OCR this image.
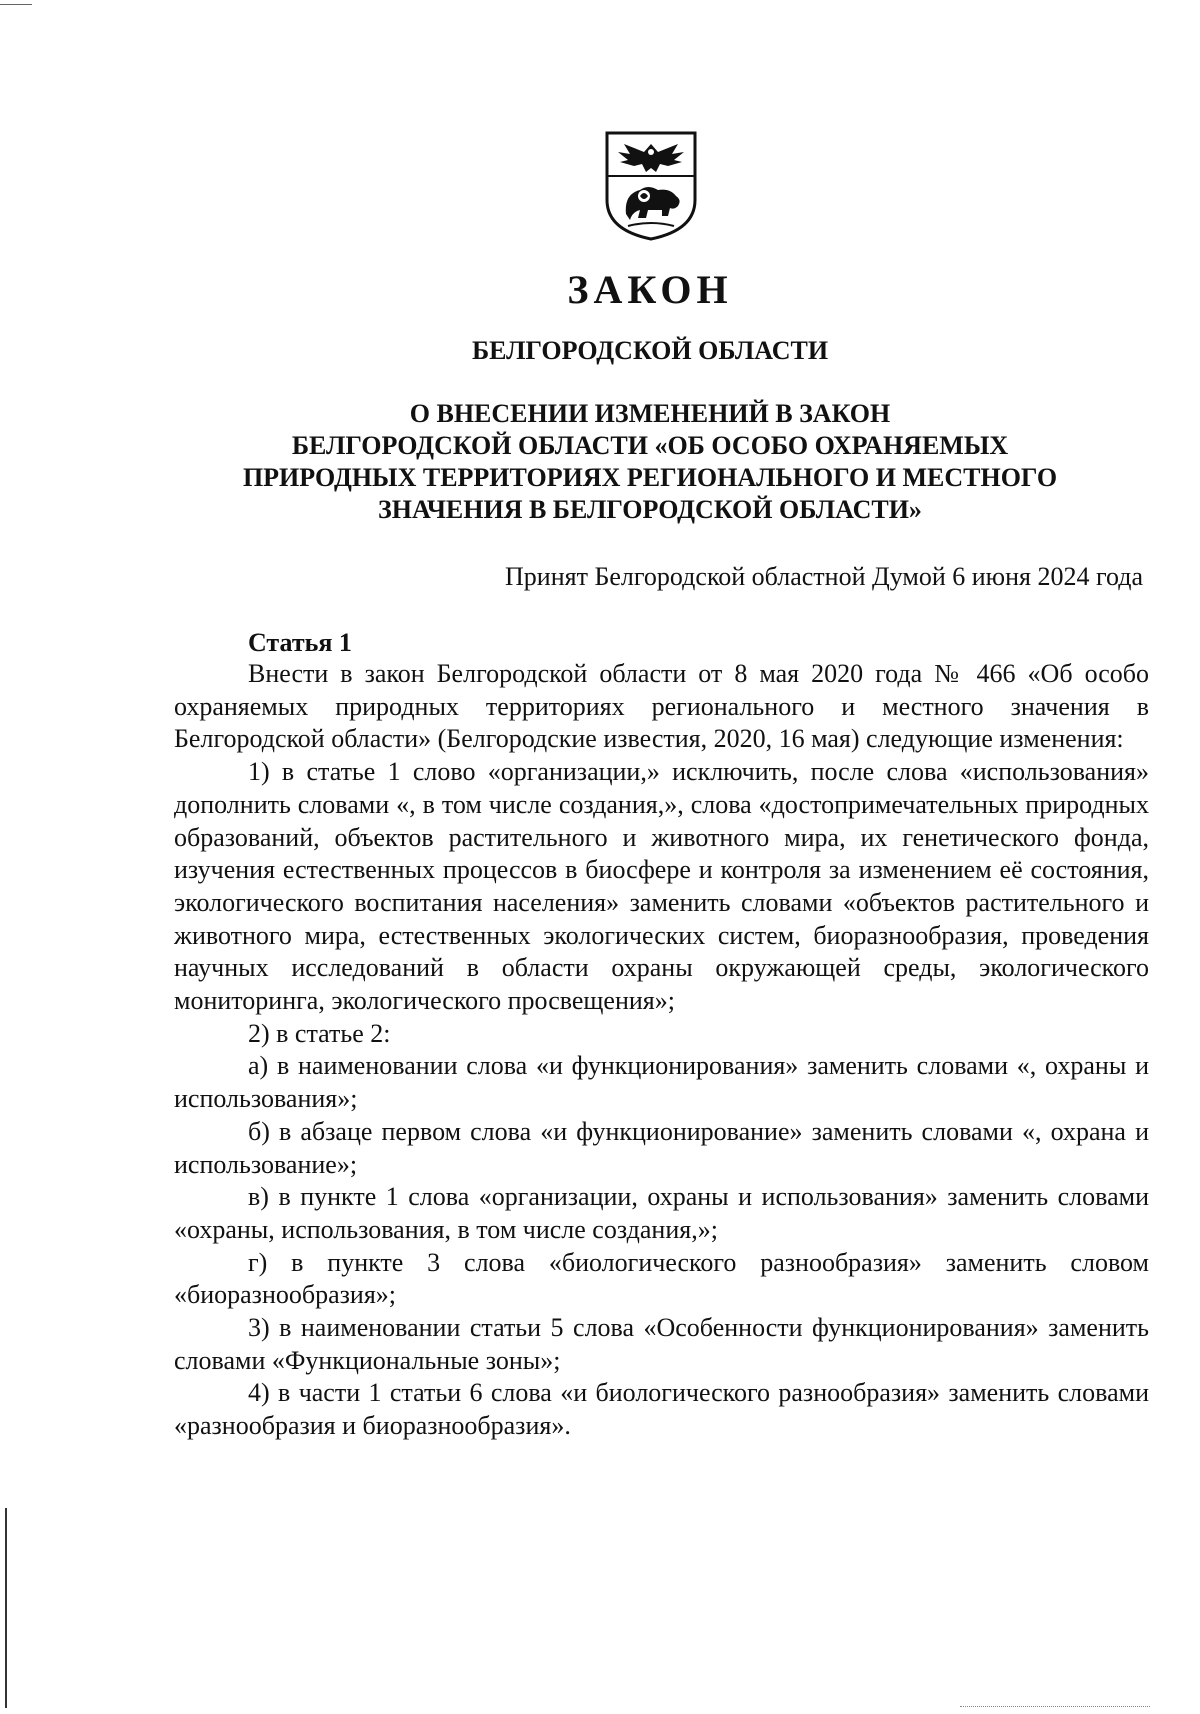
ЗАКОН
БЕЛГОРОДСКОЙ ОБЛАСТИ
О ВНЕСЕНИИ ИЗМЕНЕНИЙ В ЗАКОН
БЕЛГОРОДСКОЙ ОБЛАСТИ «ОБ ОСОБО ОХРАНЯЕМЫХ
ПРИРОДНЫХ ТЕРРИТОРИЯХ РЕГИОНАЛЬНОГО И МЕСТНОГО
ЗНАЧЕНИЯ В БЕЛГОРОДСКОЙ ОБЛАСТИ»

Принят Белгородской областной Думой 6 июня 2024 года

Статья 1

Внести в закон Белгородской области от 8 мая 2020 года № 466 «Об особо охраняемых природных территориях регионального и местного значения в Белгородской области» (Белгородские известия, 2020, 16 мая) следующие изменения:

1) в статье 1 слово «организации,» исключить, после слова «использования» дополнить словами «, в том числе создания,», слова «достопримечательных природных образований, объектов растительного и животного мира, их генетического фонда, изучения естественных процессов в биосфере и контроля за изменением её состояния, экологического воспитания населения» заменить словами «объектов растительного и животного мира, естественных экологических систем, биоразнообразия, проведения научных исследований в области охраны окружающей среды, экологического мониторинга, экологического просвещения»;

2) в статье 2:

а) в наименовании слова «и функционирования» заменить словами «, охраны и использования»;

б) в абзаце первом слова «и функционирование» заменить словами «, охрана и использование»;

в) в пункте 1 слова «организации, охраны и использования» заменить словами «охраны, использования, в том числе создания,»;

г) в пункте 3 слова «биологического разнообразия» заменить словом «биоразнообразия»;

3) в наименовании статьи 5 слова «Особенности функционирования» заменить словами «Функциональные зоны»;

4) в части 1 статьи 6 слова «и биологического разнообразия» заменить словами «разнообразия и биоразнообразия».
